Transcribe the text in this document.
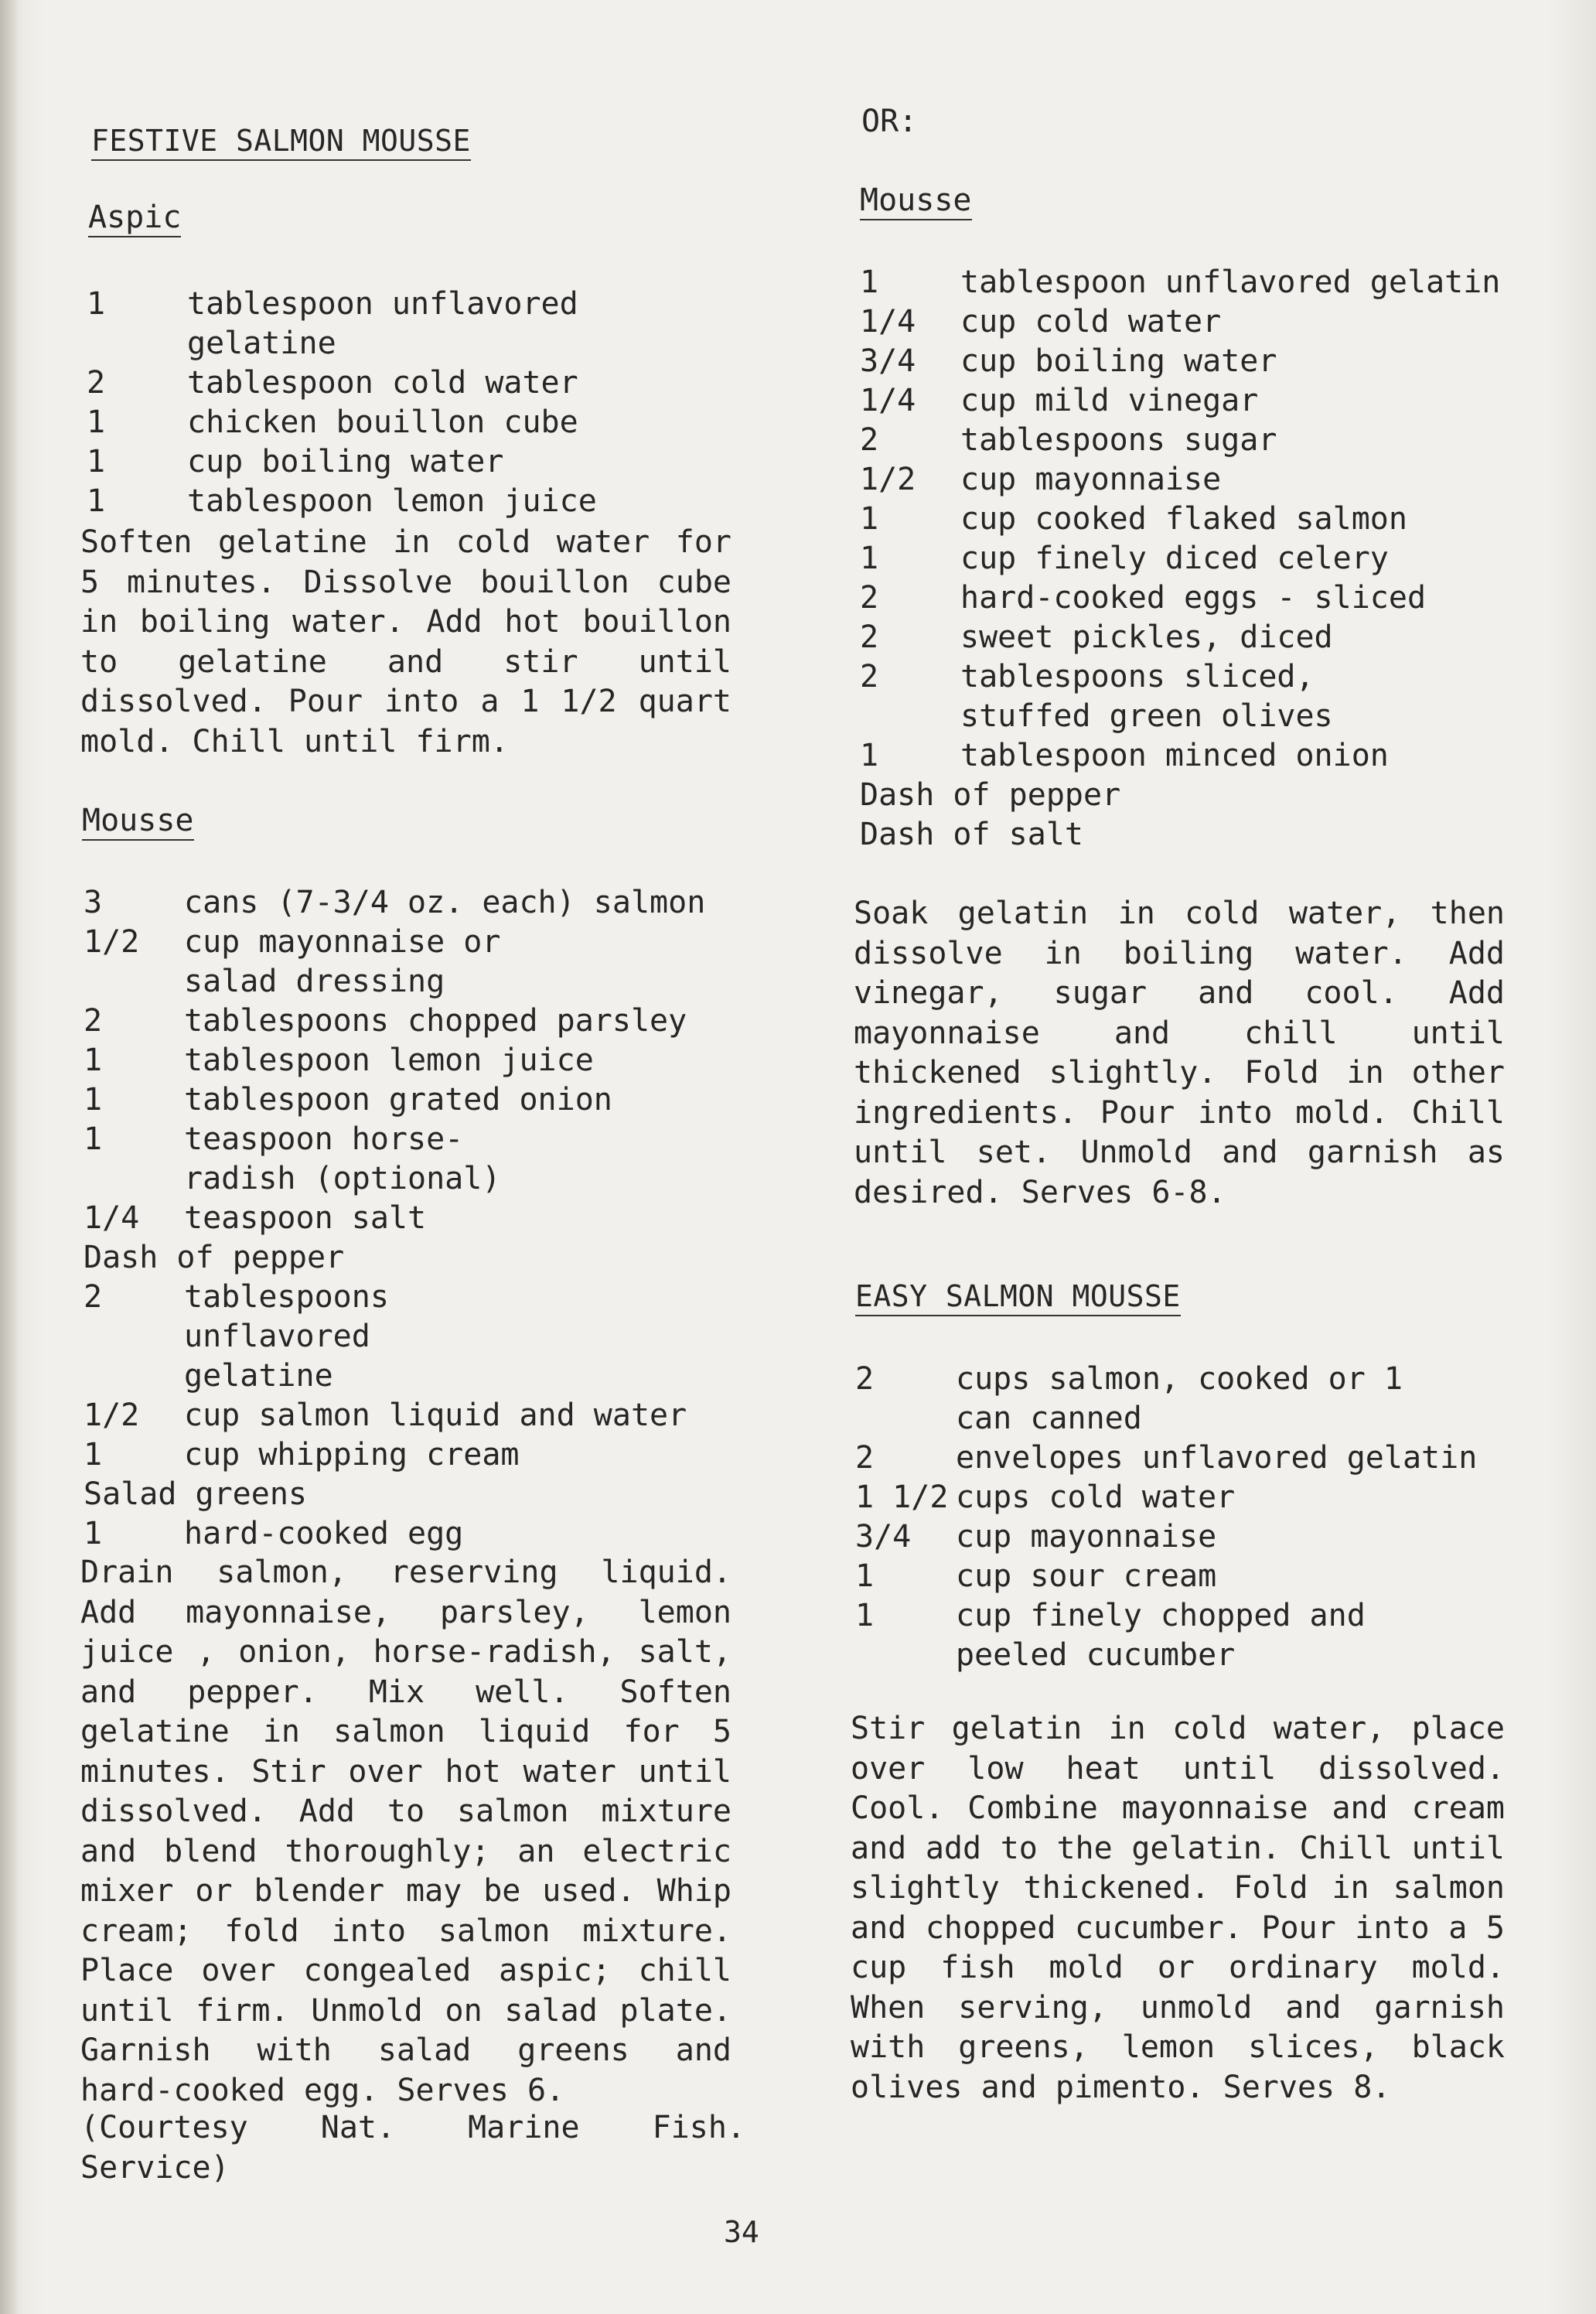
FESTIVE SALMON MOUSSE
Aspic
1	tablespoon unflavored gelatine
2	tablespoon cold water
1	chicken bouillon cube
1	cup boiling water
1	tablespoon lemon juice

Soften gelatine in cold water for 5 minutes. Dissolve bouillon cube in boiling water. Add hot bouillon to gelatine and stir until dissolved. Pour into a 1 1/2 quart mold. Chill until firm.

Mousse
3	cans (7-3/4 oz. each) salmon
1/2	cup mayonnaise or salad dressing
2	tablespoons chopped parsley
1	tablespoon lemon juice
1	tablespoon grated onion
1	teaspoon horse-radish (optional)
1/4	teaspoon salt
Dash of pepper
2	tablespoons unflavored gelatine
1/2	cup salmon liquid and water
1	cup whipping cream
Salad greens
1	hard-cooked egg

Drain salmon, reserving liquid. Add mayonnaise, parsley, lemon juice , onion, horse-radish, salt, and pepper. Mix well. Soften gelatine in salmon liquid for 5 minutes. Stir over hot water until dissolved. Add to salmon mixture and blend thoroughly; an electric mixer or blender may be used. Whip cream; fold into salmon mixture. Place over congealed aspic; chill until firm. Unmold on salad plate. Garnish with salad greens and hard-cooked egg. Serves 6.

(Courtesy Nat. Marine Fish. Service)
OR:
Mousse
1	tablespoon unflavored gelatin
1/4	cup cold water
3/4	cup boiling water
1/4	cup mild vinegar
2	tablespoons sugar
1/2	cup mayonnaise
1	cup cooked flaked salmon
1	cup finely diced celery
2	hard-cooked eggs - sliced
2	sweet pickles, diced
2	tablespoons sliced, stuffed green olives
1	tablespoon minced onion
Dash of pepper
Dash of salt

Soak gelatin in cold water, then dissolve in boiling water. Add vinegar, sugar and cool. Add mayonnaise and chill until thickened slightly. Fold in other ingredients. Pour into mold. Chill until set. Unmold and garnish as desired. Serves 6-8.

EASY SALMON MOUSSE
2	cups salmon, cooked or 1 can canned
2	envelopes unflavored gelatin
1 1/2 cups cold water
3/4	cup mayonnaise
1	cup sour cream
1	cup finely chopped and peeled cucumber

Stir gelatin in cold water, place over low heat until dissolved. Cool. Combine mayonnaise and cream and add to the gelatin. Chill until slightly thickened. Fold in salmon and chopped cucumber. Pour into a 5 cup fish mold or ordinary mold. When serving, unmold and garnish with greens, lemon slices, black olives and pimento. Serves 8.

34
